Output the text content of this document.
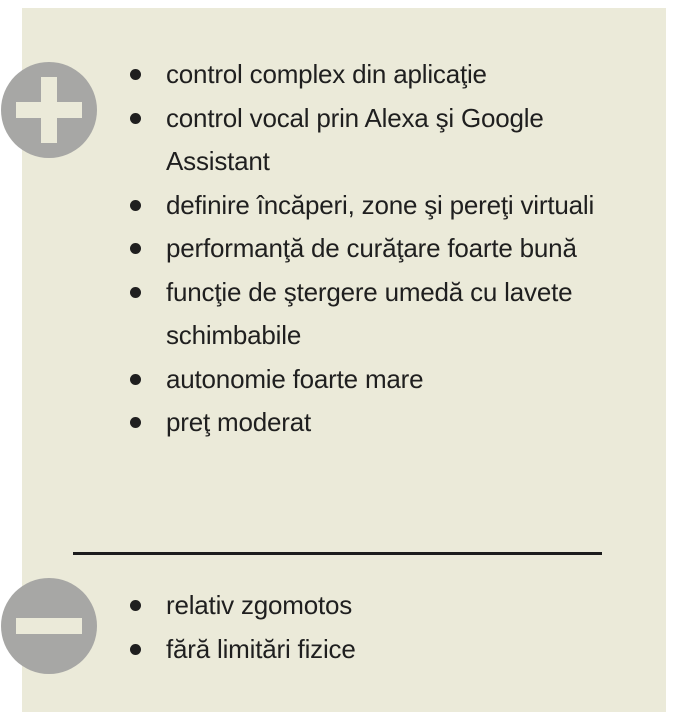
control complex din aplicaţie
control vocal prin Alexa şi Google Assistant
definire încăperi, zone şi pereţi virtuali
performanţă de curăţare foarte bună
funcţie de ştergere umedă cu lavete schimbabile
autonomie foarte mare
preţ moderat
relativ zgomotos
fără limitări fizice
